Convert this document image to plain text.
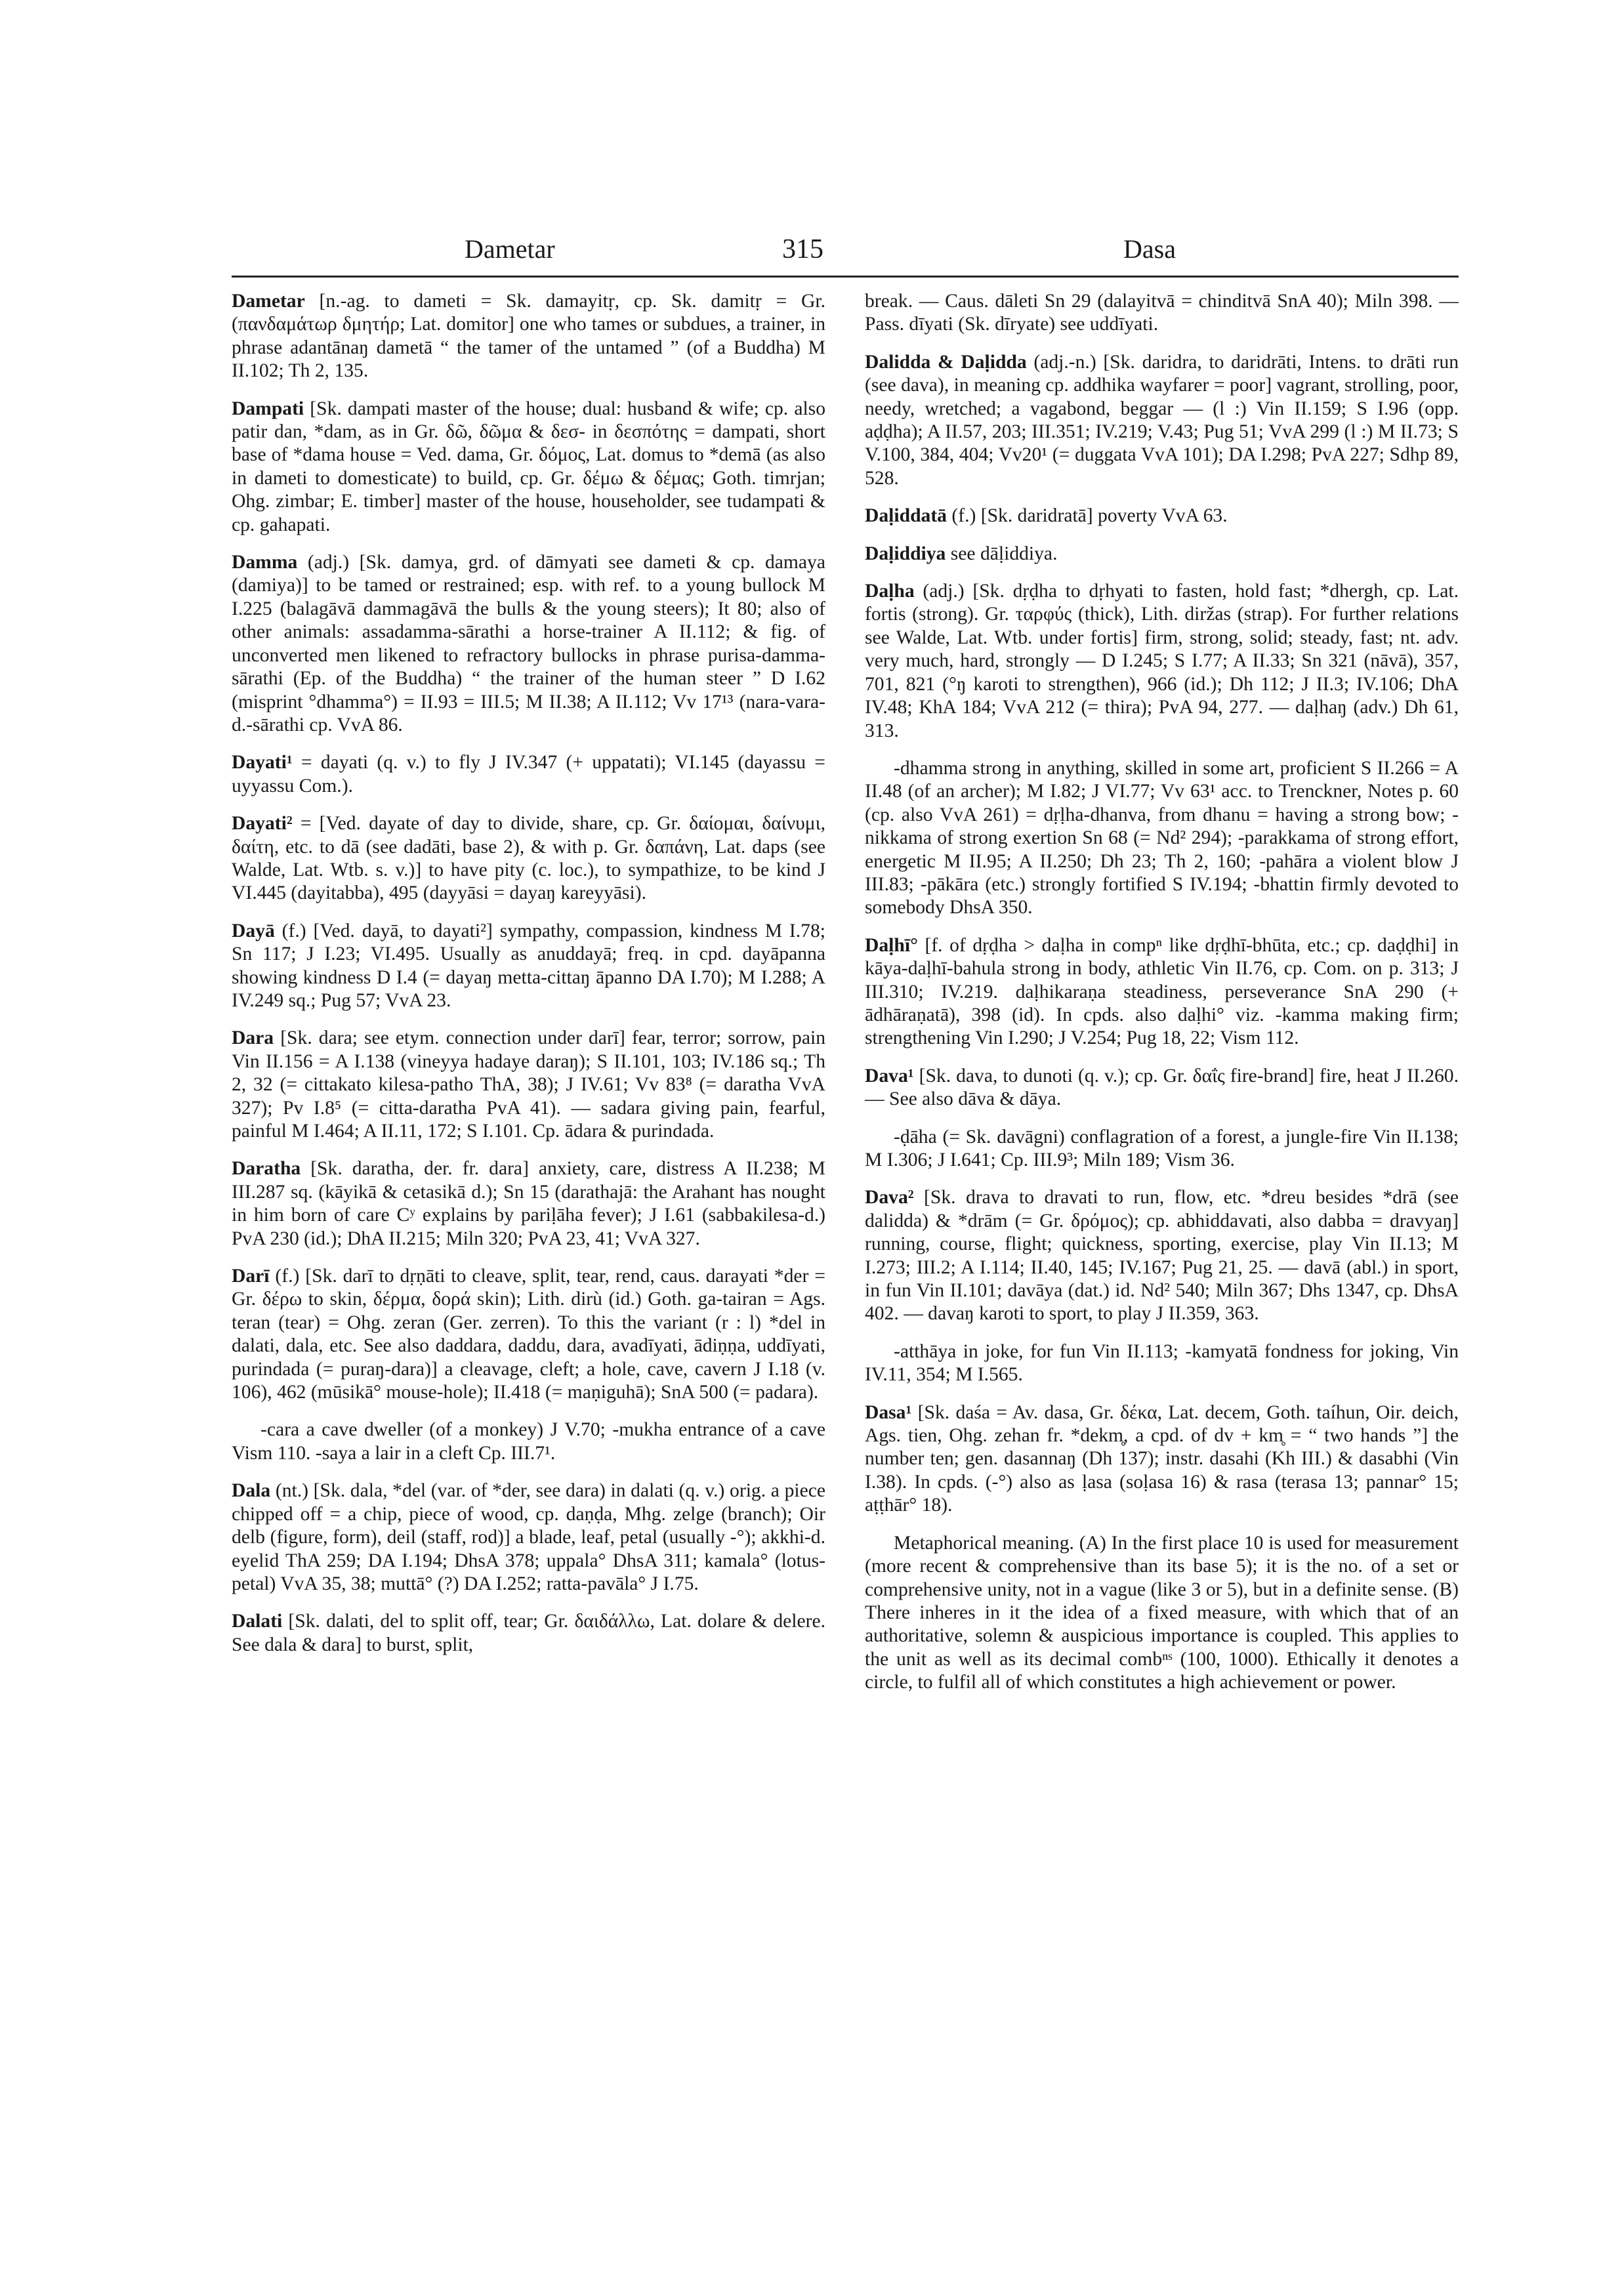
Dametar	315	Dasa
Dametar [n.-ag. to dameti = Sk. damayitṛ, cp. Sk. damitṛ = Gr. (πανδαμάτωρ δμητήρ; Lat. domitor] one who tames or subdues, a trainer, in phrase adantānaŋ dametā “ the tamer of the untamed ” (of a Buddha) M II.102; Th 2, 135.
Dampati [Sk. dampati master of the house; dual: husband & wife; cp. also patir dan, *dam, as in Gr. δῶ, δῶμα & δεσ- in δεσπότης = dampati, short base of *dama house = Ved. dama, Gr. δόμος, Lat. domus to *demā (as also in dameti to domesticate) to build, cp. Gr. δέμω & δέμας; Goth. timrjan; Ohg. zimbar; E. timber] master of the house, householder, see tudampati & cp. gahapati.
Damma (adj.) [Sk. damya, grd. of dāmyati see dameti & cp. damaya (damiya)] to be tamed or restrained; esp. with ref. to a young bullock M I.225 (balagāvā dammagāvā the bulls & the young steers); It 80; also of other animals: assadamma-sārathi a horse-trainer A II.112; & fig. of unconverted men likened to refractory bullocks in phrase purisa-damma-sārathi (Ep. of the Buddha) “ the trainer of the human steer ” D I.62 (misprint °dhamma°) = II.93 = III.5; M II.38; A II.112; Vv 17¹³ (nara-vara-d.-sārathi cp. VvA 86.
Dayati¹ = dayati (q. v.) to fly J IV.347 (+ uppatati); VI.145 (dayassu = uyyassu Com.).
Dayati² = [Ved. dayate of day to divide, share, cp. Gr. δαίομαι, δαίνυμι, δαίτη, etc. to dā (see dadāti, base 2), & with p. Gr. δαπάνη, Lat. daps (see Walde, Lat. Wtb. s. v.)] to have pity (c. loc.), to sympathize, to be kind J VI.445 (dayitabba), 495 (dayyāsi = dayaŋ kareyyāsi).
Dayā (f.) [Ved. dayā, to dayati²] sympathy, compassion, kindness M I.78; Sn 117; J I.23; VI.495. Usually as anuddayā; freq. in cpd. dayāpanna showing kindness D I.4 (= dayaŋ metta-cittaŋ āpanno DA I.70); M I.288; A IV.249 sq.; Pug 57; VvA 23.
Dara [Sk. dara; see etym. connection under darī] fear, terror; sorrow, pain Vin II.156 = A I.138 (vineyya hadaye daraŋ); S II.101, 103; IV.186 sq.; Th 2, 32 (= cittakato kilesa-patho ThA, 38); J IV.61; Vv 83⁸ (= daratha VvA 327); Pv I.8⁵ (= citta-daratha PvA 41). — sadara giving pain, fearful, painful M I.464; A II.11, 172; S I.101. Cp. ādara & purindada.
Daratha [Sk. daratha, der. fr. dara] anxiety, care, distress A II.238; M III.287 sq. (kāyikā & cetasikā d.); Sn 15 (darathajā: the Arahant has nought in him born of care Cʸ explains by pariḷāha fever); J I.61 (sabbakilesa-d.) PvA 230 (id.); DhA II.215; Miln 320; PvA 23, 41; VvA 327.
Darī (f.) [Sk. darī to dṛṇāti to cleave, split, tear, rend, caus. darayati *der = Gr. δέρω to skin, δέρμα, δορά skin); Lith. dirù (id.) Goth. ga-tairan = Ags. teran (tear) = Ohg. zeran (Ger. zerren). To this the variant (r : l) *del in dalati, dala, etc. See also daddara, daddu, dara, avadīyati, ādiṇṇa, uddīyati, purindada (= puraŋ-dara)] a cleavage, cleft; a hole, cave, cavern J I.18 (v. 106), 462 (mūsikā° mouse-hole); II.418 (= maṇiguhā); SnA 500 (= padara).

-cara a cave dweller (of a monkey) J V.70; -mukha entrance of a cave Vism 110. -saya a lair in a cleft Cp. III.7¹.

Dala (nt.) [Sk. dala, *del (var. of *der, see dara) in dalati (q. v.) orig. a piece chipped off = a chip, piece of wood, cp. daṇḍa, Mhg. zelge (branch); Oir delb (figure, form), deil (staff, rod)] a blade, leaf, petal (usually -°); akkhi-d. eyelid ThA 259; DA I.194; DhsA 378; uppala° DhsA 311; kamala° (lotus-petal) VvA 35, 38; muttā° (?) DA I.252; ratta-pavāla° J I.75.
Dalati [Sk. dalati, del to split off, tear; Gr. δαιδάλλω, Lat. dolare & delere. See dala & dara] to burst, split,
break. — Caus. dāleti Sn 29 (dalayitvā = chinditvā SnA 40); Miln 398. — Pass. dīyati (Sk. dīryate) see uddīyati.
Dalidda & Daḷidda (adj.-n.) [Sk. daridra, to daridrāti, Intens. to drāti run (see dava), in meaning cp. addhika wayfarer = poor] vagrant, strolling, poor, needy, wretched; a vagabond, beggar — (l :) Vin II.159; S I.96 (opp. aḍḍha); A II.57, 203; III.351; IV.219; V.43; Pug 51; VvA 299 (l :) M II.73; S V.100, 384, 404; Vv20¹ (= duggata VvA 101); DA I.298; PvA 227; Sdhp 89, 528.
Daḷiddatā (f.) [Sk. daridratā] poverty VvA 63.
Daḷiddiya see dāḷiddiya.
Daḷha (adj.) [Sk. dṛḍha to dṛhyati to fasten, hold fast; *dhergh, cp. Lat. fortis (strong). Gr. ταρφύς (thick), Lith. diržas (strap). For further relations see Walde, Lat. Wtb. under fortis] firm, strong, solid; steady, fast; nt. adv. very much, hard, strongly — D I.245; S I.77; A II.33; Sn 321 (nāvā), 357, 701, 821 (°ŋ karoti to strengthen), 966 (id.); Dh 112; J II.3; IV.106; DhA IV.48; KhA 184; VvA 212 (= thira); PvA 94, 277. — daḷhaŋ (adv.) Dh 61, 313.

-dhamma strong in anything, skilled in some art, proficient S II.266 = A II.48 (of an archer); M I.82; J VI.77; Vv 63¹ acc. to Trenckner, Notes p. 60 (cp. also VvA 261) = dṛḷha-dhanva, from dhanu = having a strong bow; -nikkama of strong exertion Sn 68 (= Nd² 294); -parakkama of strong effort, energetic M II.95; A II.250; Dh 23; Th 2, 160; -pahāra a violent blow J III.83; -pākāra (etc.) strongly fortified S IV.194; -bhattin firmly devoted to somebody DhsA 350.

Daḷhī° [f. of dṛḍha > daḷha in compⁿ like dṛḍhī-bhūta, etc.; cp. daḍḍhi] in kāya-daḷhī-bahula strong in body, athletic Vin II.76, cp. Com. on p. 313; J III.310; IV.219. daḷhikaraṇa steadiness, perseverance SnA 290 (+ ādhāraṇatā), 398 (id). In cpds. also daḷhi° viz. -kamma making firm; strengthening Vin I.290; J V.254; Pug 18, 22; Vism 112.
Dava¹ [Sk. dava, to dunoti (q. v.); cp. Gr. δαΐς fire-brand] fire, heat J II.260. — See also dāva & dāya.

-ḍāha (= Sk. davāgni) conflagration of a forest, a jungle-fire Vin II.138; M I.306; J I.641; Cp. III.9³; Miln 189; Vism 36.

Dava² [Sk. drava to dravati to run, flow, etc. *dreu besides *drā (see dalidda) & *drām (= Gr. δρόμος); cp. abhiddavati, also dabba = dravyaŋ] running, course, flight; quickness, sporting, exercise, play Vin II.13; M I.273; III.2; A I.114; II.40, 145; IV.167; Pug 21, 25. — davā (abl.) in sport, in fun Vin II.101; davāya (dat.) id. Nd² 540; Miln 367; Dhs 1347, cp. DhsA 402. — davaŋ karoti to sport, to play J II.359, 363.

-atthāya in joke, for fun Vin II.113; -kamyatā fondness for joking, Vin IV.11, 354; M I.565.

Dasa¹ [Sk. daśa = Av. dasa, Gr. δέκα, Lat. decem, Goth. taíhun, Oir. deich, Ags. tien, Ohg. zehan fr. *dekm̥, a cpd. of dv + km̥ = “ two hands ”] the number ten; gen. dasannaŋ (Dh 137); instr. dasahi (Kh III.) & dasabhi (Vin I.38). In cpds. (-°) also as ḷasa (soḷasa 16) & rasa (terasa 13; pannar° 15; aṭṭhār° 18).

Metaphorical meaning. (A) In the first place 10 is used for measurement (more recent & comprehensive than its base 5); it is the no. of a set or comprehensive unity, not in a vague (like 3 or 5), but in a definite sense. (B) There inheres in it the idea of a fixed measure, with which that of an authoritative, solemn & auspicious importance is coupled. This applies to the unit as well as its decimal combⁿˢ (100, 1000). Ethically it denotes a circle, to fulfil all of which constitutes a high achievement or power.
